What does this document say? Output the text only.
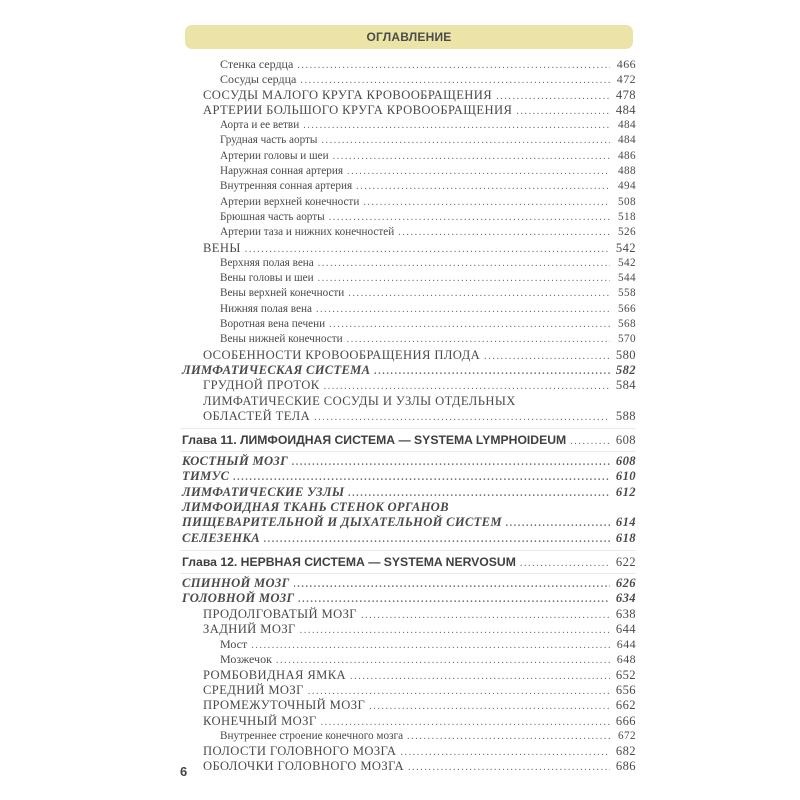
ОГЛАВЛЕНИЕ
Стенка сердца .....	466
Сосуды сердца .....	472
СОСУДЫ МАЛОГО КРУГА КРОВООБРАЩЕНИЯ .....	478
АРТЕРИИ БОЛЬШОГО КРУГА КРОВООБРАЩЕНИЯ .....	484
Аорта и ее ветви .....	484
Грудная часть аорты .....	484
Артерии головы и шеи .....	486
Наружная сонная артерия .....	488
Внутренняя сонная артерия .....	494
Артерии верхней конечности .....	508
Брюшная часть аорты .....	518
Артерии таза и нижних конечностей .....	526
ВЕНЫ .....	542
Верхняя полая вена .....	542
Вены головы и шеи .....	544
Вены верхней конечности .....	558
Нижняя полая вена .....	566
Воротная вена печени .....	568
Вены нижней конечности .....	570
ОСОБЕННОСТИ КРОВООБРАЩЕНИЯ ПЛОДА .....	580
ЛИМФАТИЧЕСКАЯ СИСТЕМА .....	582
ГРУДНОЙ ПРОТОК .....	584
ЛИМФАТИЧЕСКИЕ СОСУДЫ И УЗЛЫ ОТДЕЛЬНЫХ
ОБЛАСТЕЙ ТЕЛА .....	588
Глава 11. ЛИМФОИДНАЯ СИСТЕМА — SYSTEMA LYMPHOIDEUM .....	608
КОСТНЫЙ МОЗГ .....	608
ТИМУС .....	610
ЛИМФАТИЧЕСКИЕ УЗЛЫ .....	612
ЛИМФОИДНАЯ ТКАНЬ СТЕНОК ОРГАНОВ
ПИЩЕВАРИТЕЛЬНОЙ И ДЫХАТЕЛЬНОЙ СИСТЕМ .....	614
СЕЛЕЗЕНКА .....	618
Глава 12. НЕРВНАЯ СИСТЕМА — SYSTEMA NERVOSUM .....	622
СПИННОЙ МОЗГ .....	626
ГОЛОВНОЙ МОЗГ .....	634
ПРОДОЛГОВАТЫЙ МОЗГ .....	638
ЗАДНИЙ МОЗГ .....	644
Мост .....	644
Мозжечок .....	648
РОМБОВИДНАЯ ЯМКА .....	652
СРЕДНИЙ МОЗГ .....	656
ПРОМЕЖУТОЧНЫЙ МОЗГ .....	662
КОНЕЧНЫЙ МОЗГ .....	666
Внутреннее строение конечного мозга .....	672
ПОЛОСТИ ГОЛОВНОГО МОЗГА .....	682
ОБОЛОЧКИ ГОЛОВНОГО МОЗГА .....	686
6
